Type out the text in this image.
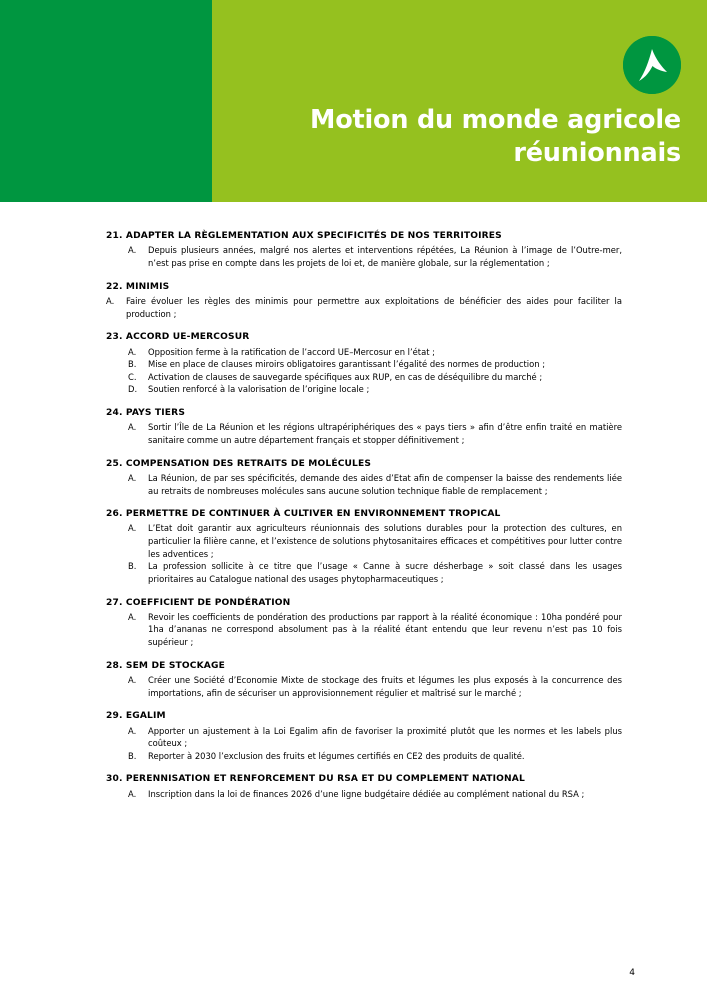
Motion du monde agricole
réunionnais
21. ADAPTER LA RÈGLEMENTATION AUX SPECIFICITÉS DE NOS TERRITOIRES
A.	Depuis plusieurs années, malgré nos alertes et interventions répétées, La Réunion à l’image de l’Outre-mer, n’est pas prise en compte dans les projets de loi et, de manière globale, sur la réglementation ;
22. MINIMIS
A.	Faire évoluer les règles des minimis pour permettre aux exploitations de bénéficier des aides pour faciliter la production ;
23. ACCORD UE-MERCOSUR
A.	Opposition ferme à la ratification de l’accord UE–Mercosur en l’état ;
B.	Mise en place de clauses miroirs obligatoires garantissant l’égalité des normes de production ;
C.	Activation de clauses de sauvegarde spécifiques aux RUP, en cas de déséquilibre du marché ;
D.	Soutien renforcé à la valorisation de l’origine locale ;
24. PAYS TIERS
A.	Sortir l’Île de La Réunion et les régions ultrapériphériques des « pays tiers » afin d’être enfin traité en matière sanitaire comme un autre département français et stopper définitivement ;
25. COMPENSATION DES RETRAITS DE MOLÉCULES
A.	La Réunion, de par ses spécificités, demande des aides d’Etat afin de compenser la baisse des rendements liée au retraits de nombreuses molécules sans aucune solution technique fiable de remplacement ;
26. PERMETTRE DE CONTINUER À CULTIVER EN ENVIRONNEMENT TROPICAL
A.	L’Etat doit garantir aux agriculteurs réunionnais des solutions durables pour la protection des cultures, en particulier la filière canne, et l’existence de solutions phytosanitaires efficaces et compétitives pour lutter contre les adventices ;
B.	La profession sollicite à ce titre que l’usage « Canne à sucre désherbage » soit classé dans les usages prioritaires au Catalogue national des usages phytopharmaceutiques ;
27. COEFFICIENT DE PONDÉRATION
A.	Revoir les coefficients de pondération des productions par rapport à la réalité économique : 10ha pondéré pour 1ha d’ananas ne correspond absolument pas à la réalité étant entendu que leur revenu n’est pas 10 fois supérieur ;
28. SEM DE STOCKAGE
A.	Créer une Société d’Economie Mixte de stockage des fruits et légumes les plus exposés à la concurrence des importations, afin de sécuriser un approvisionnement régulier et maîtrisé sur le marché ;
29. EGALIM
A.	Apporter un ajustement à la Loi Egalim afin de favoriser la proximité plutôt que les normes et les labels plus coûteux ;
B.	Reporter à 2030 l’exclusion des fruits et légumes certifiés en CE2 des produits de qualité.
30. PERENNISATION ET RENFORCEMENT DU RSA ET DU COMPLEMENT NATIONAL
A.	Inscription dans la loi de finances 2026 d’une ligne budgétaire dédiée au complément national du RSA ;
4
